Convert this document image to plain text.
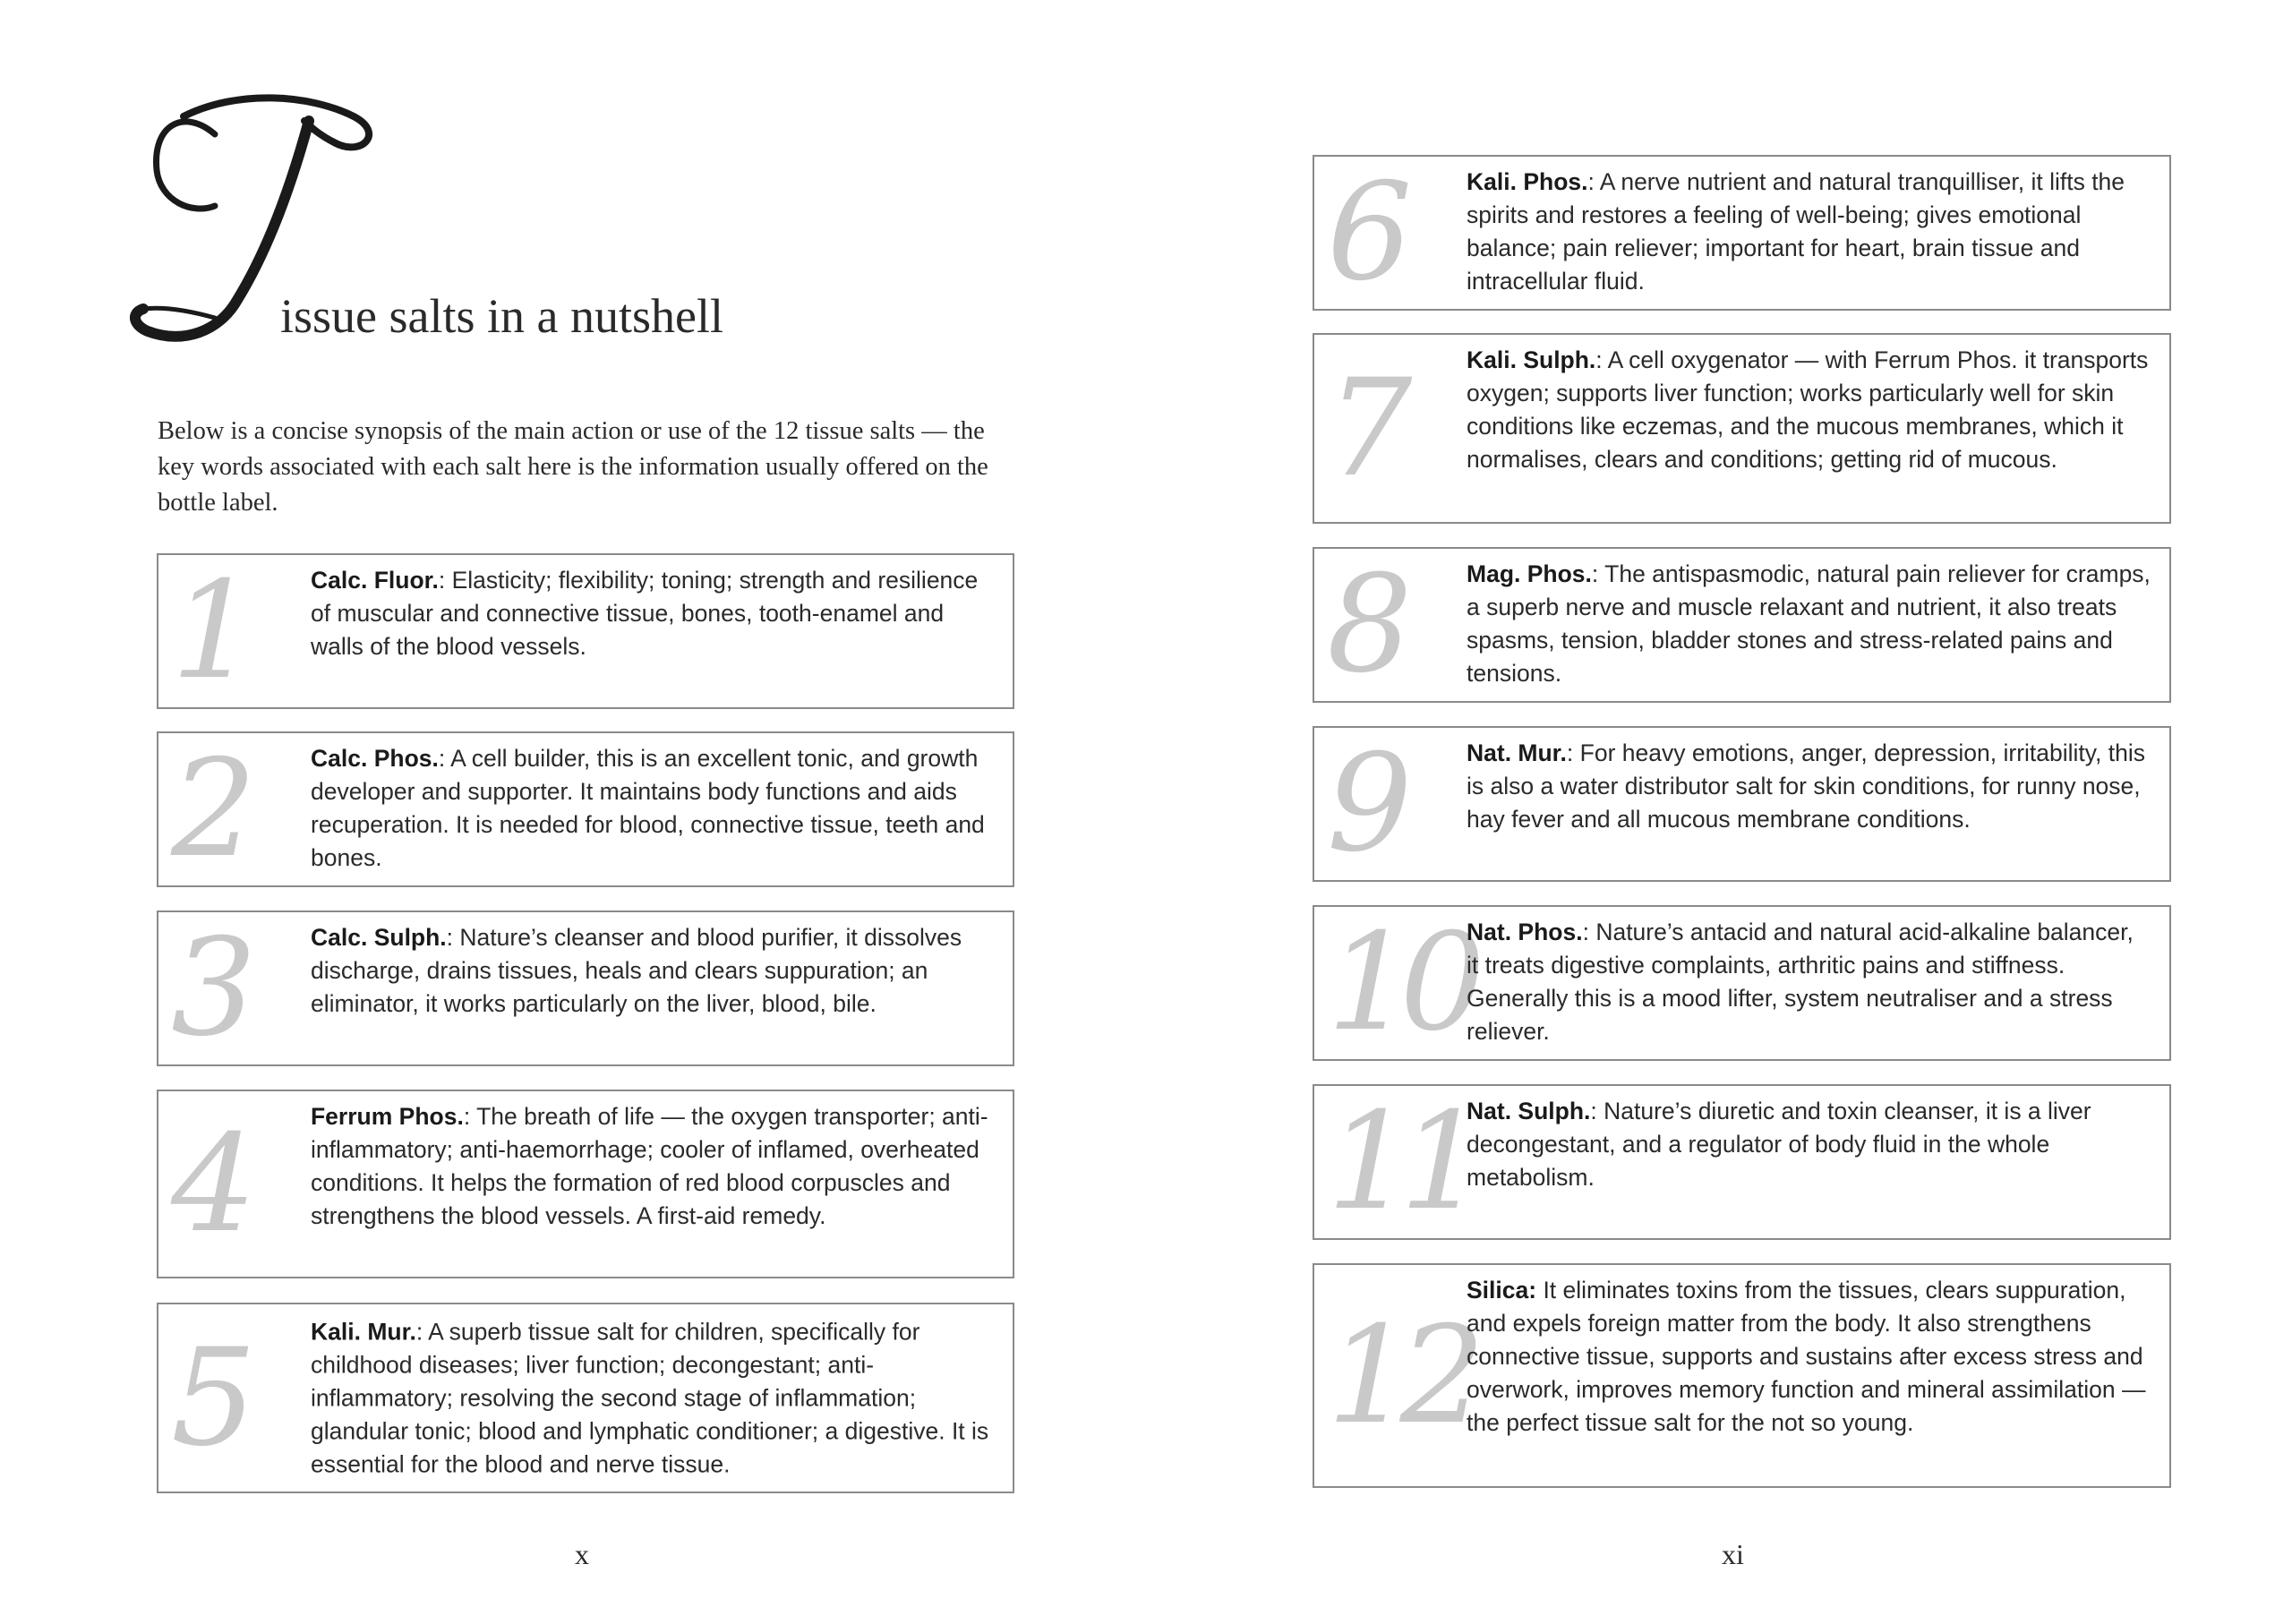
issue salts in a nutshell

Below is a concise synopsis of the main action or use of the 12 tissue salts — the key words associated with each salt here is the information usually offered on the bottle label.

1	Calc. Fluor.: Elasticity; flexibility; toning; strength and resilience of muscular and connective tissue, bones, tooth-enamel and walls of the blood vessels.

2	Calc. Phos.: A cell builder, this is an excellent tonic, and growth developer and supporter. It maintains body functions and aids recuperation. It is needed for blood, connective tissue, teeth and bones.

3	Calc. Sulph.: Nature’s cleanser and blood purifier, it dissolves discharge, drains tissues, heals and clears suppuration; an eliminator, it works particularly on the liver, blood, bile.

4	Ferrum Phos.: The breath of life — the oxygen transporter; anti-inflammatory; anti-haemorrhage; cooler of inflamed, overheated conditions. It helps the formation of red blood corpuscles and strengthens the blood vessels. A first-aid remedy.

5	Kali. Mur.: A superb tissue salt for children, specifically for childhood diseases; liver function; decongestant; anti-inflammatory; resolving the second stage of inflammation; glandular tonic; blood and lymphatic conditioner; a digestive. It is essential for the blood and nerve tissue.

x
6	Kali. Phos.: A nerve nutrient and natural tranquilliser, it lifts the spirits and restores a feeling of well-being; gives emotional balance; pain reliever; important for heart, brain tissue and intracellular fluid.

7	Kali. Sulph.: A cell oxygenator — with Ferrum Phos. it transports oxygen; supports liver function; works particularly well for skin conditions like eczemas, and the mucous membranes, which it normalises, clears and conditions; getting rid of mucous.

8	Mag. Phos.: The antispasmodic, natural pain reliever for cramps, a superb nerve and muscle relaxant and nutrient, it also treats spasms, tension, bladder stones and stress-related pains and tensions.

9	Nat. Mur.: For heavy emotions, anger, depression, irritability, this is also a water distributor salt for skin conditions, for runny nose, hay fever and all mucous membrane conditions.

10

Nat. Phos.: Nature’s antacid and natural acid-alkaline balancer, it treats digestive complaints, arthritic pains and stiffness. Generally this is a mood lifter, system neutraliser and a stress reliever.

11

Nat. Sulph.: Nature’s diuretic and toxin cleanser, it is a liver decongestant, and a regulator of body fluid in the whole metabolism.

12

Silica: It eliminates toxins from the tissues, clears suppuration, and expels foreign matter from the body. It also strengthens connective tissue, supports and sustains after excess stress and overwork, improves memory function and mineral assimilation — the perfect tissue salt for the not so young.

xi
